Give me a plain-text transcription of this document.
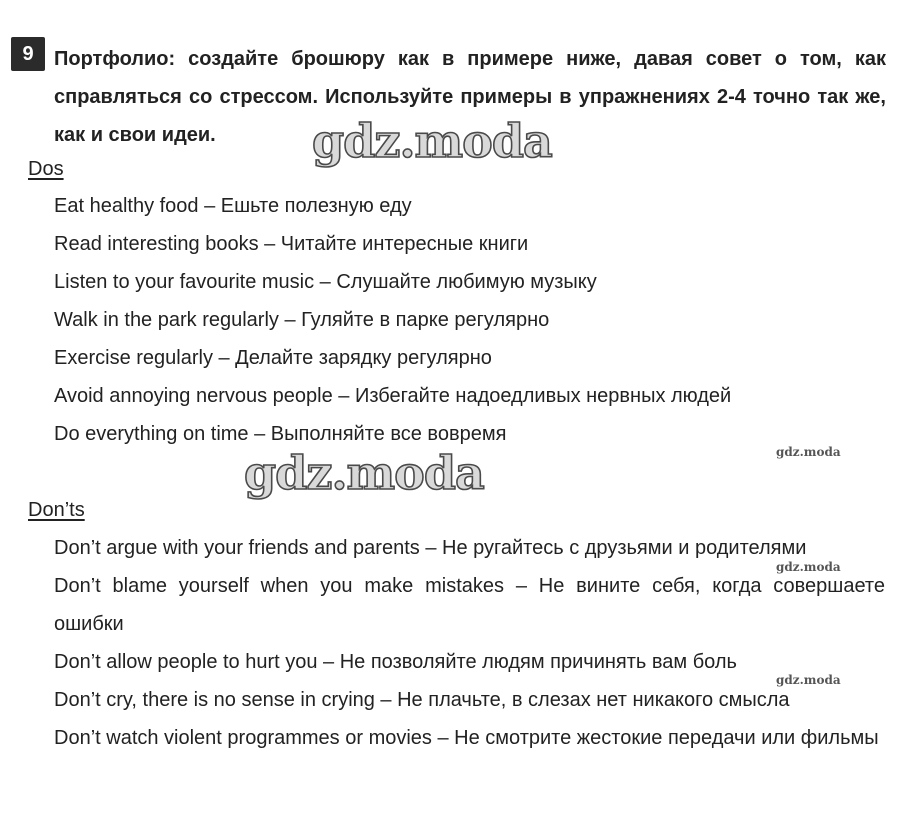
9	Портфолио: создайте брошюру как в примере ниже, давая совет о том, как справляться со стрессом. Используйте примеры в упражнениях 2-4 точно так же, как и свои идеи.
Dos
Eat healthy food – Ешьте полезную еду
Read interesting books – Читайте интересные книги
Listen to your favourite music – Слушайте любимую музыку
Walk in the park regularly – Гуляйте в парке регулярно
Exercise regularly – Делайте зарядку регулярно
Avoid annoying nervous people – Избегайте надоедливых нервных людей
Do everything on time – Выполняйте все вовремя
Don’ts
Don’t argue with your friends and parents – Не ругайтесь с друзьями и родителями
Don’t blame yourself when you make mistakes – Не вините себя, когда совершаете ошибки
Don’t allow people to hurt you – Не позволяйте людям причинять вам боль
Don’t cry, there is no sense in crying – Не плачьте, в слезах нет никакого смысла
Don’t watch violent programmes or movies – Не смотрите жестокие передачи или фильмы
gdz.moda
gdz.moda	gdz.moda
gdz.moda
gdz.moda
